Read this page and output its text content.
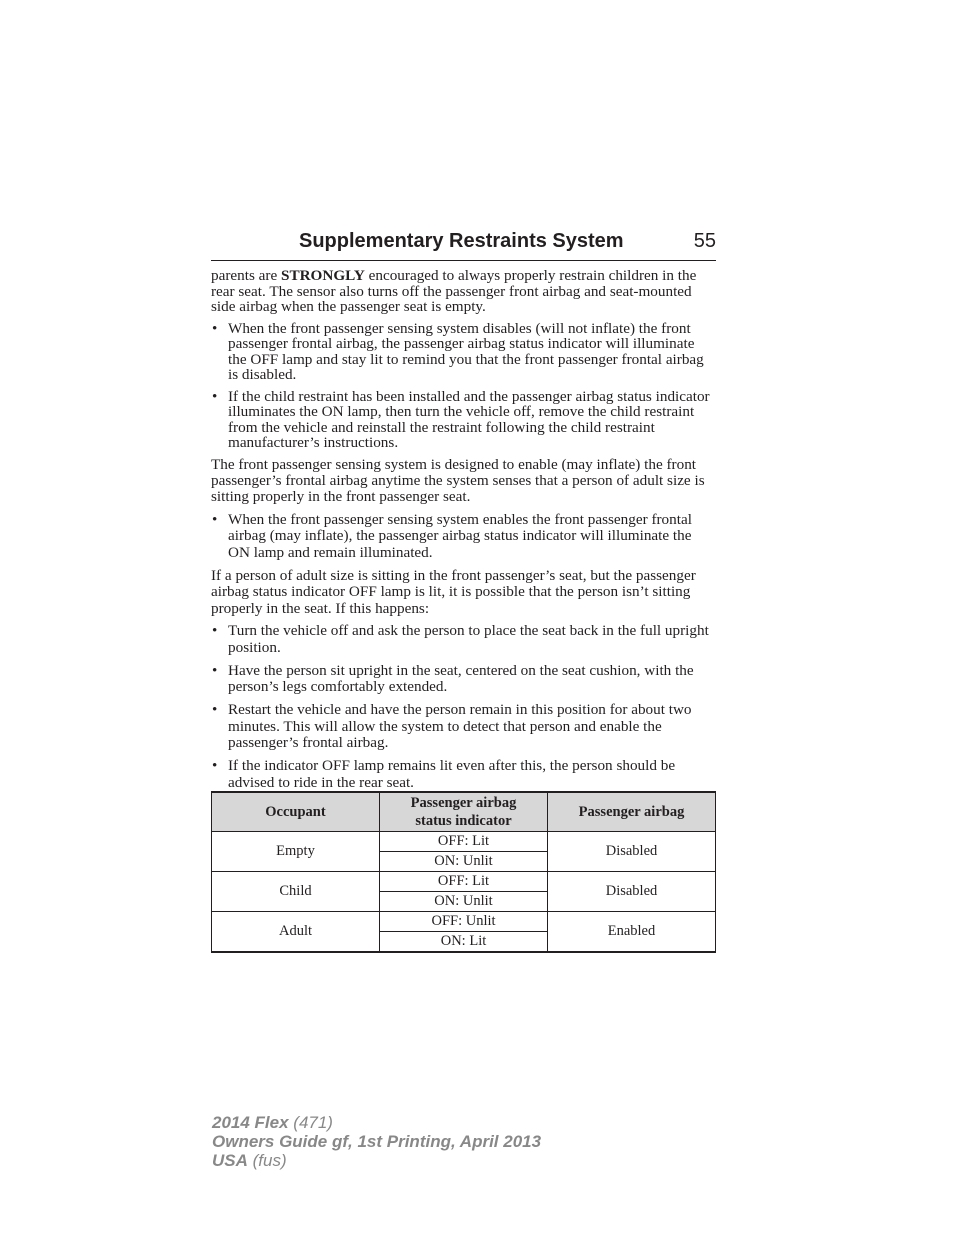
Supplementary Restraints System	55

parents are STRONGLY encouraged to always properly restrain children in the rear seat. The sensor also turns off the passenger front airbag and seat-mounted side airbag when the passenger seat is empty.

• When the front passenger sensing system disables (will not inflate) the front passenger frontal airbag, the passenger airbag status indicator will illuminate the OFF lamp and stay lit to remind you that the front passenger frontal airbag is disabled.
• If the child restraint has been installed and the passenger airbag status indicator illuminates the ON lamp, then turn the vehicle off, remove the child restraint from the vehicle and reinstall the restraint following the child restraint manufacturer’s instructions.

The front passenger sensing system is designed to enable (may inflate) the front passenger’s frontal airbag anytime the system senses that a person of adult size is sitting properly in the front passenger seat.

• When the front passenger sensing system enables the front passenger frontal airbag (may inflate), the passenger airbag status indicator will illuminate the ON lamp and remain illuminated.

If a person of adult size is sitting in the front passenger’s seat, but the passenger airbag status indicator OFF lamp is lit, it is possible that the person isn’t sitting properly in the seat. If this happens:

• Turn the vehicle off and ask the person to place the seat back in the full upright position.
• Have the person sit upright in the seat, centered on the seat cushion, with the person’s legs comfortably extended.
• Restart the vehicle and have the person remain in this position for about two minutes. This will allow the system to detect that person and enable the passenger’s frontal airbag.
• If the indicator OFF lamp remains lit even after this, the person should be advised to ride in the rear seat.
Occupant	Passenger airbag status indicator	Passenger airbag
Empty	OFF: Lit	Disabled
	ON: Unlit	
Child	OFF: Lit	Disabled
	ON: Unlit	
Adult	OFF: Unlit	Enabled
	ON: Lit	
2014 Flex (471)
Owners Guide gf, 1st Printing, April 2013
USA (fus)
